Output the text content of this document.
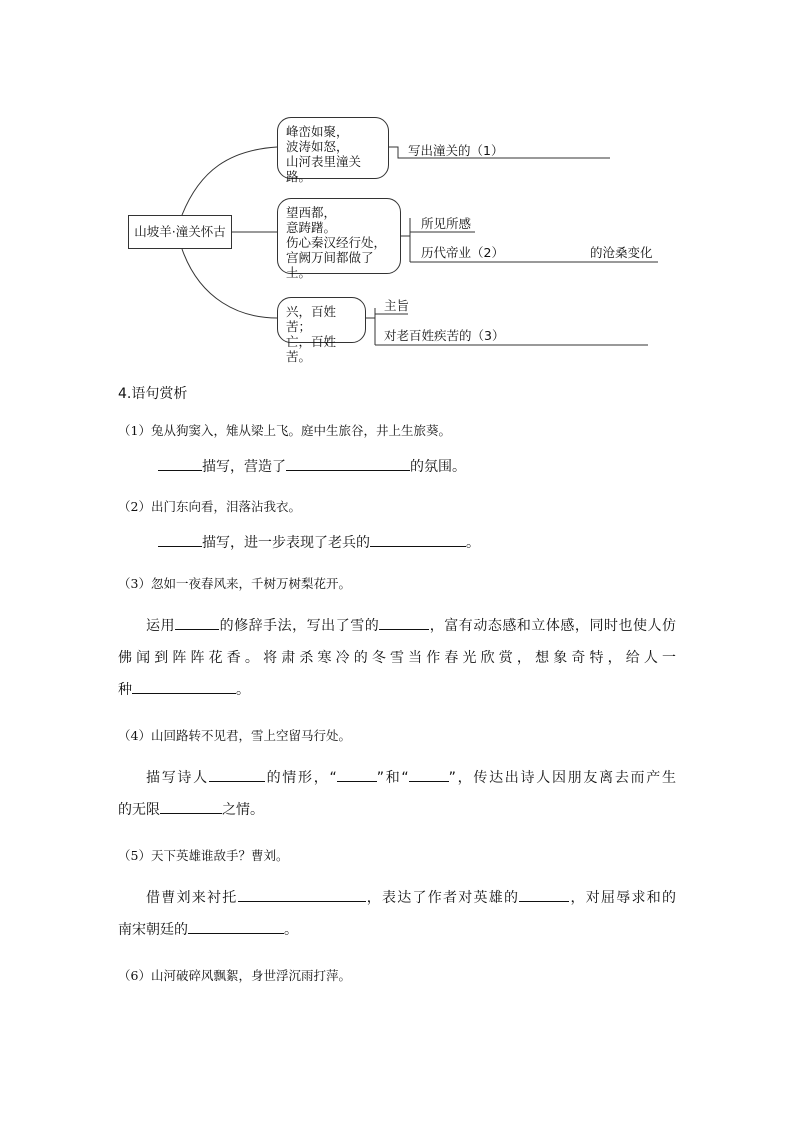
山坡羊·潼关怀古
峰峦如聚，
波涛如怒，
山河表里潼关路。
写出潼关的（1）
望西都，
意踌躇。
伤心秦汉经行处，
宫阙万间都做了土。
所见所感
历代帝业（2）	的沧桑变化
兴，百姓苦；
亡，百姓苦。
主旨
对老百姓疾苦的（3）
4.语句赏析
（1）兔从狗窦入，雉从梁上飞。庭中生旅谷，井上生旅葵。
描写，营造了	的氛围。
（2）出门东向看，泪落沾我衣。
描写，进一步表现了老兵的	。
（3）忽如一夜春风来，千树万树梨花开。

运用	的修辞手法，写出了雪的	，富有动态感和立体感，同时也使人仿

佛闻到阵阵花香。将肃杀寒冷的冬雪当作春光欣赏，想象奇特，给人一

种	。

（4）山回路转不见君，雪上空留马行处。

描写诗人	的情形，“	”和“	”，传达出诗人因朋友离去而产生

的无限	之情。

（5）天下英雄谁敌手？曹刘。

借曹刘来衬托	，表达了作者对英雄的	，对屈辱求和的

南宋朝廷的	。

（6）山河破碎风飘絮，身世浮沉雨打萍。
